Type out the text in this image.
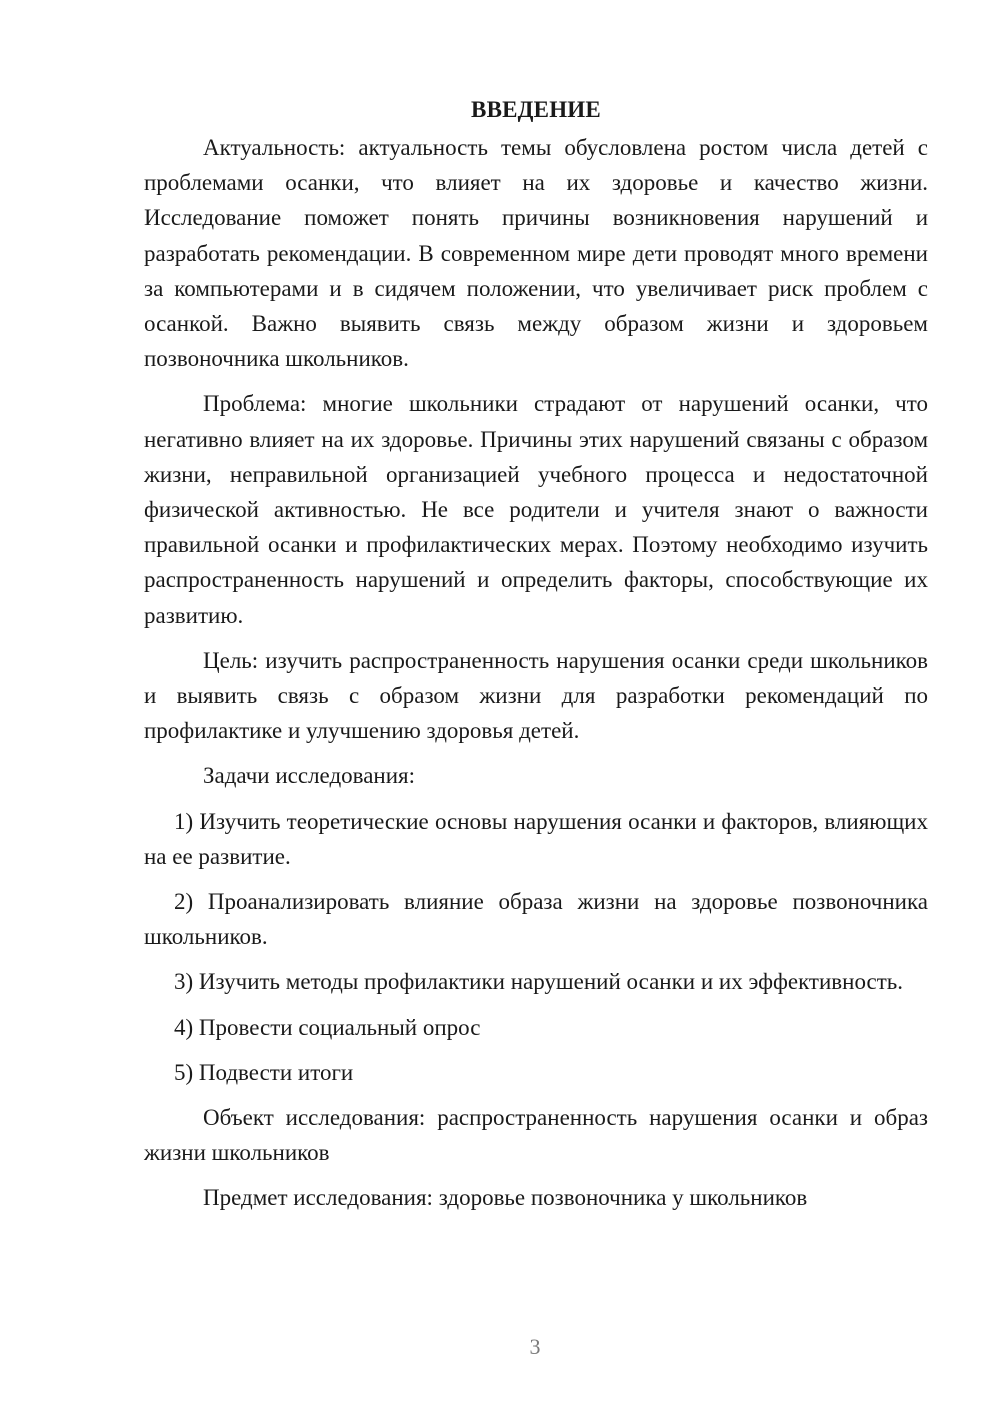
ВВЕДЕНИЕ

Актуальность: актуальность темы обусловлена ростом числа детей с проблемами осанки, что влияет на их здоровье и качество жизни. Исследование поможет понять причины возникновения нарушений и разработать рекомендации. В современном мире дети проводят много времени за компьютерами и в сидячем положении, что увеличивает риск проблем с осанкой. Важно выявить связь между образом жизни и здоровьем позвоночника школьников.

Проблема: многие школьники страдают от нарушений осанки, что негативно влияет на их здоровье. Причины этих нарушений связаны с образом жизни, неправильной организацией учебного процесса и недостаточной физической активностью. Не все родители и учителя знают о важности правильной осанки и профилактических мерах. Поэтому необходимо изучить распространенность нарушений и определить факторы, способствующие их развитию.

Цель: изучить распространенность нарушения осанки среди школьников и выявить связь с образом жизни для разработки рекомендаций по профилактике и улучшению здоровья детей.

Задачи исследования:

1) Изучить теоретические основы нарушения осанки и факторов, влияющих на ее развитие.

2) Проанализировать влияние образа жизни на здоровье позвоночника школьников.

3) Изучить методы профилактики нарушений осанки и их эффективность.

4) Провести социальный опрос

5) Подвести итоги

Объект исследования: распространенность нарушения осанки и образ жизни школьников

Предмет исследования: здоровье позвоночника у школьников

3
